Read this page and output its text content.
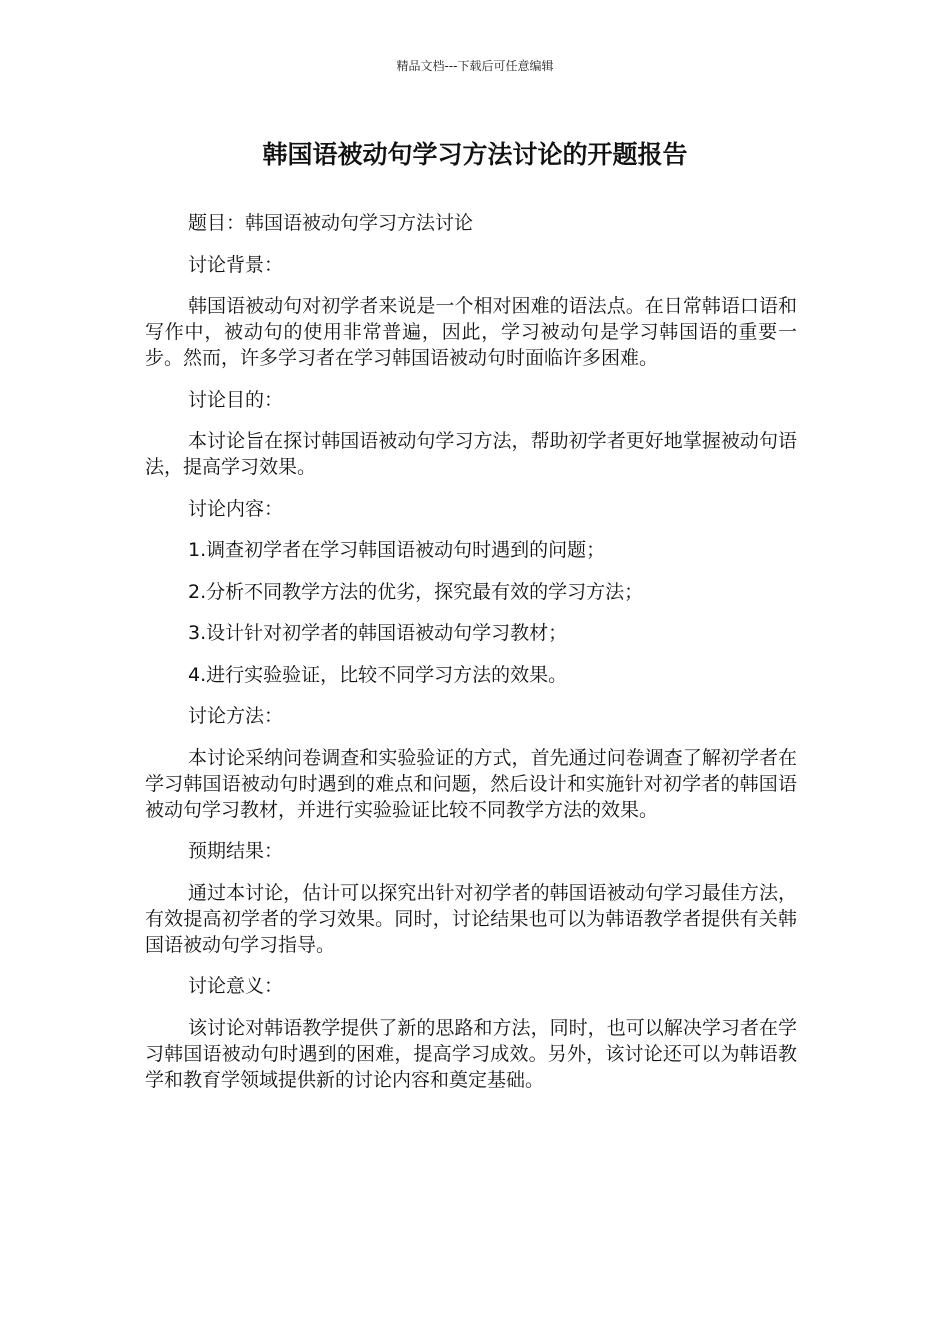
精品文档---下载后可任意编辑
韩国语被动句学习方法讨论的开题报告

题目：韩国语被动句学习方法讨论

讨论背景：

韩国语被动句对初学者来说是一个相对困难的语法点。在日常韩语口语和写作中，被动句的使用非常普遍，因此，学习被动句是学习韩国语的重要一步。然而，许多学习者在学习韩国语被动句时面临许多困难。

讨论目的：

本讨论旨在探讨韩国语被动句学习方法，帮助初学者更好地掌握被动句语法，提高学习效果。

讨论内容：

1.调查初学者在学习韩国语被动句时遇到的问题；

2.分析不同教学方法的优劣，探究最有效的学习方法；

3.设计针对初学者的韩国语被动句学习教材；

4.进行实验验证，比较不同学习方法的效果。

讨论方法：

本讨论采纳问卷调查和实验验证的方式，首先通过问卷调查了解初学者在学习韩国语被动句时遇到的难点和问题，然后设计和实施针对初学者的韩国语被动句学习教材，并进行实验验证比较不同教学方法的效果。

预期结果：

通过本讨论，估计可以探究出针对初学者的韩国语被动句学习最佳方法，有效提高初学者的学习效果。同时，讨论结果也可以为韩语教学者提供有关韩国语被动句学习指导。

讨论意义：

该讨论对韩语教学提供了新的思路和方法，同时，也可以解决学习者在学习韩国语被动句时遇到的困难，提高学习成效。另外，该讨论还可以为韩语教学和教育学领域提供新的讨论内容和奠定基础。
